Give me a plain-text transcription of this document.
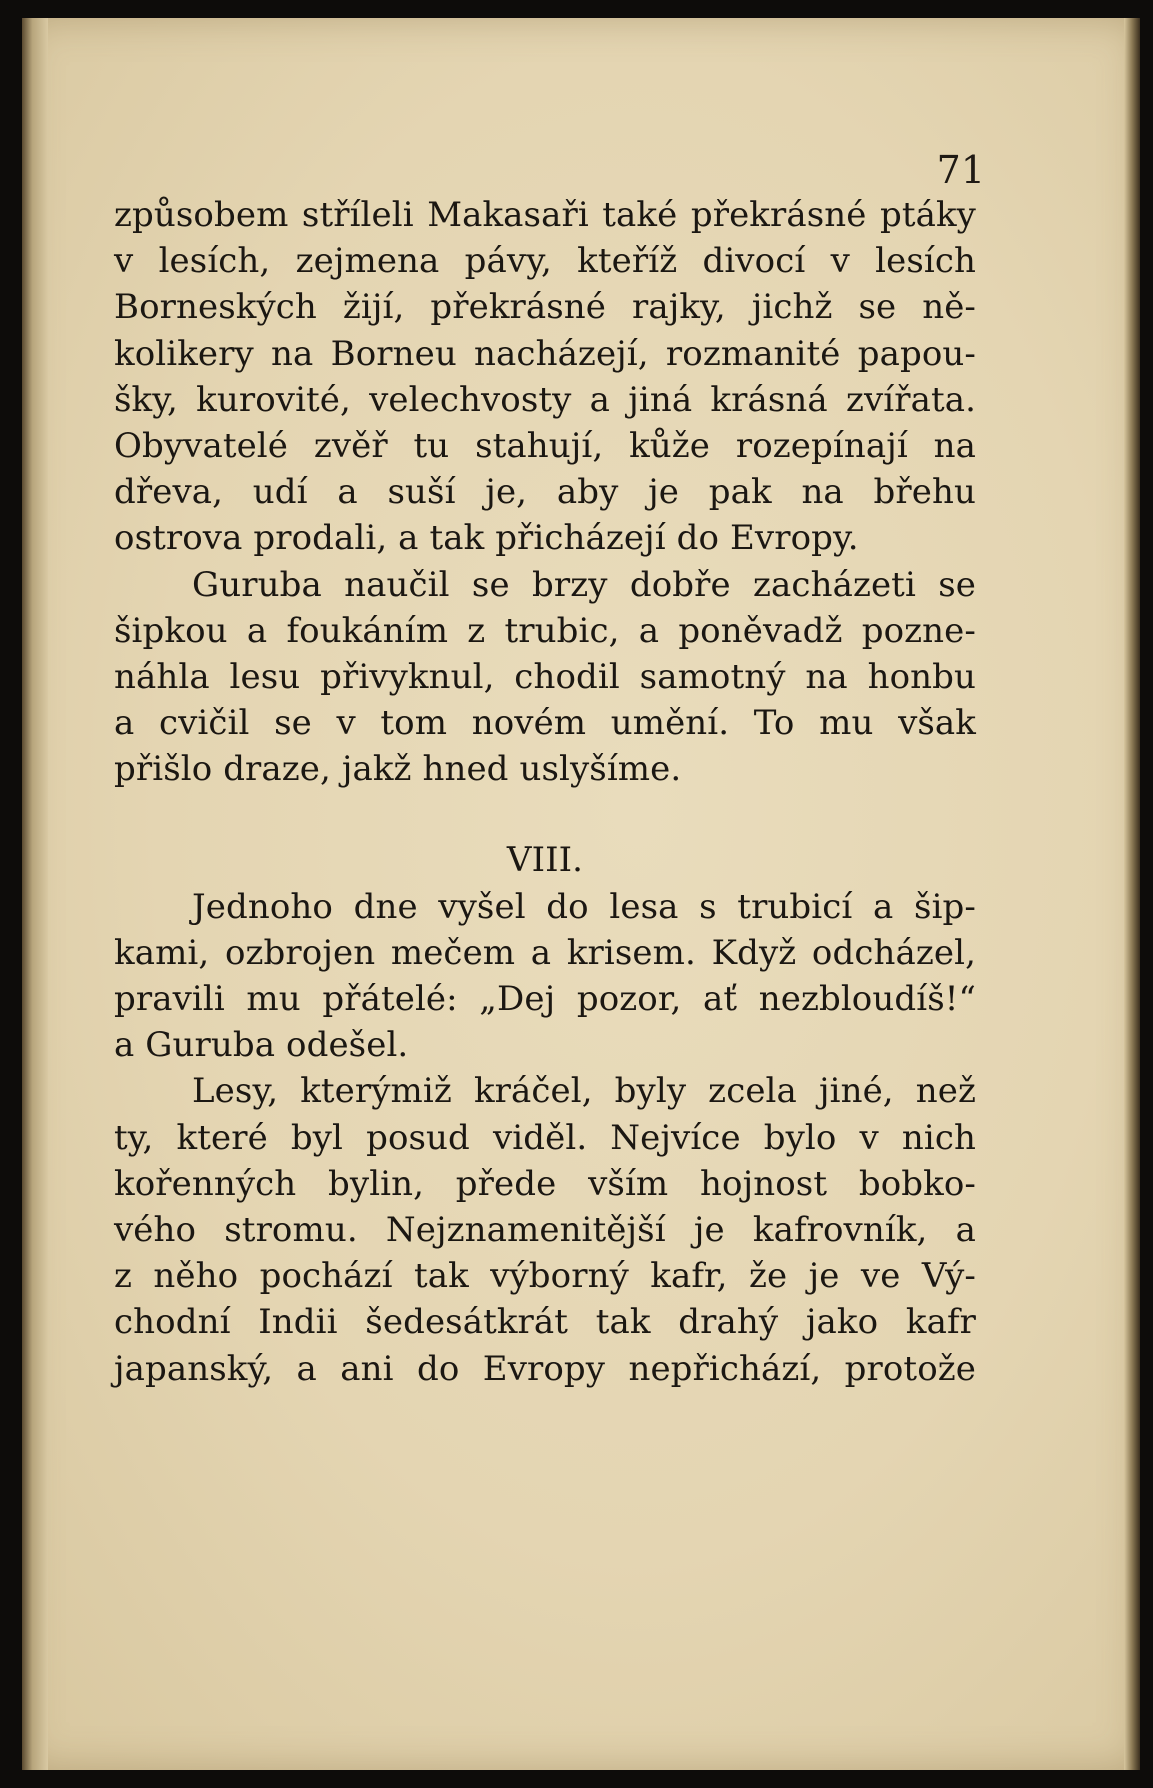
71
způsobem stříleli Makasaři také překrásné ptáky
v lesích, zejmena pávy, kteříž divocí v lesích
Borneských žijí, překrásné rajky, jichž se ně-
kolikery na Borneu nacházejí, rozmanité papou-
šky, kurovité, velechvosty a jiná krásná zvířata.
Obyvatelé zvěř tu stahují, kůže rozepínají na
dřeva, udí a suší je, aby je pak na břehu
ostrova prodali, a tak přicházejí do Evropy.
Guruba naučil se brzy dobře zacházeti se
šipkou a foukáním z trubic, a poněvadž pozne-
náhla lesu přivyknul, chodil samotný na honbu
a cvičil se v tom novém umění. To mu však
přišlo draze, jakž hned uslyšíme.
VIII.
Jednoho dne vyšel do lesa s trubicí a šip-
kami, ozbrojen mečem a krisem. Když odcházel,
pravili mu přátelé: „Dej pozor, ať nezbloudíš!“
a Guruba odešel.
Lesy, kterýmiž kráčel, byly zcela jiné, než
ty, které byl posud viděl. Nejvíce bylo v nich
kořenných bylin, přede vším hojnost bobko-
vého stromu. Nejznamenitější je kafrovník, a
z něho pochází tak výborný kafr, že je ve Vý-
chodní Indii šedesátkrát tak drahý jako kafr
japanský, a ani do Evropy nepřichází, protože
